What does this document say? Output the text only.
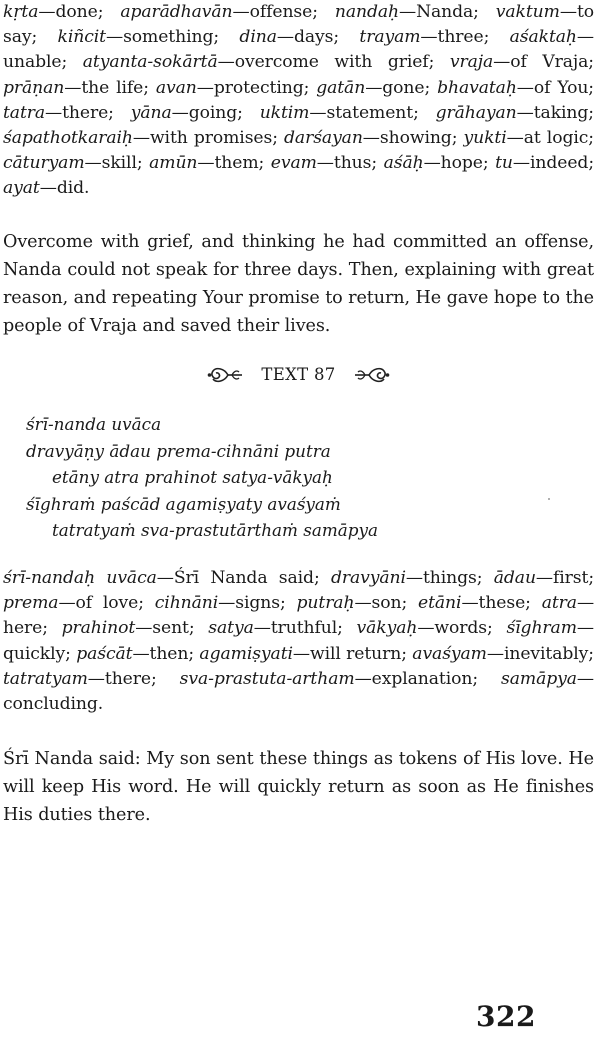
kṛta—done; aparādhavān—offense; nandaḥ—Nanda; vaktum—to say; kiñcit—something; dina—days; trayam—three; aśaktaḥ—unable; atyanta-sokārtā—overcome with grief; vraja—of Vraja; prāṇan—the life; avan—protecting; gatān—gone; bhavataḥ—of You; tatra—there; yāna—going; uktim—statement; grāhayan—taking; śapathotkaraiḥ—with promises; darśayan—showing; yukti—at logic; cāturyam—skill; amūn—them; evam—thus; aśāḥ—hope; tu—indeed; ayat—did.

Overcome with grief, and thinking he had committed an offense, Nanda could not speak for three days. Then, explaining with great reason, and repeating Your promise to return, He gave hope to the people of Vraja and saved their lives.

TEXT 87
śrī-nanda uvāca
dravyāṇy ādau prema-cihnāni putra
etāny atra prahinot satya-vākyaḥ
śīghraṁ paścād agamiṣyaty avaśyaṁ
tatratyaṁ sva-prastutārthaṁ samāpya

śrī-nandaḥ uvāca—Śrī Nanda said; dravyāni—things; ādau—first; prema—of love; cihnāni—signs; putraḥ—son; etāni—these; atra—here; prahinot—sent; satya—truthful; vākyaḥ—words; śīghram—quickly; paścāt—then; agamiṣyati—will return; avaśyam—inevitably; tatratyam—there; sva-prastuta-artham—explanation; samāpya—concluding.

Śrī Nanda said: My son sent these things as tokens of His love. He will keep His word. He will quickly return as soon as He finishes His duties there.

322
